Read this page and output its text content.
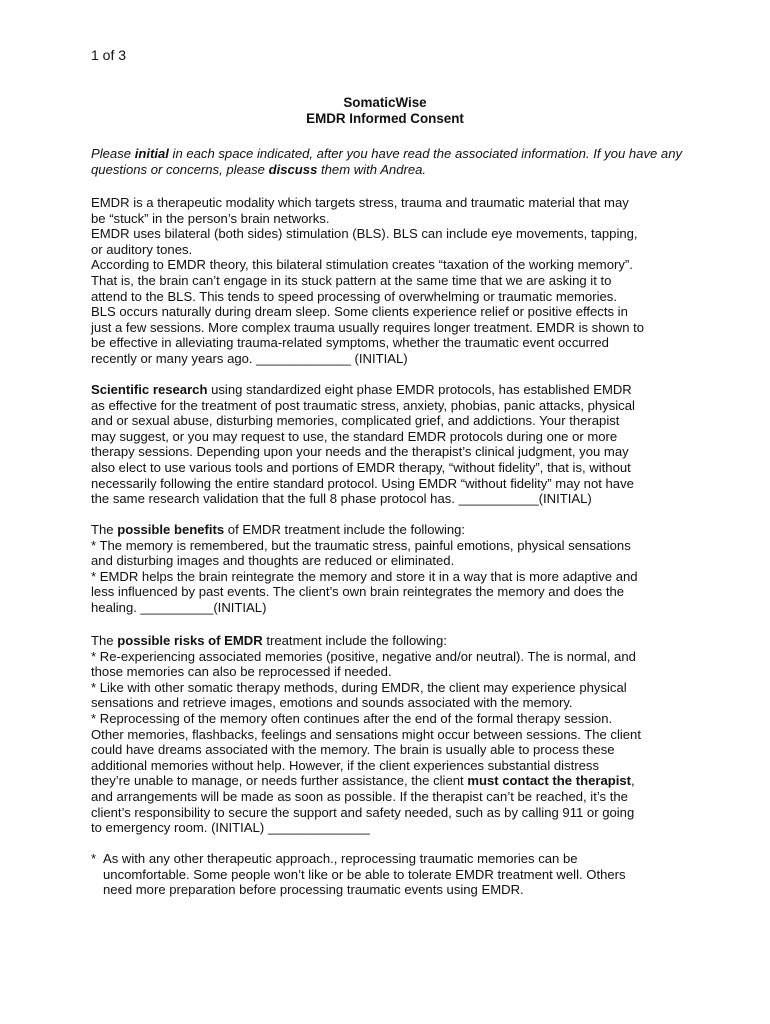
1 of 3
SomaticWise
EMDR Informed Consent
Please initial in each space indicated, after you have read the associated information. If you have any questions or concerns, please discuss them with Andrea.

EMDR is a therapeutic modality which targets stress, trauma and traumatic material that may

be “stuck” in the person’s brain networks.

EMDR uses bilateral (both sides) stimulation (BLS). BLS can include eye movements, tapping,

or auditory tones.

According to EMDR theory, this bilateral stimulation creates “taxation of the working memory”.

That is, the brain can’t engage in its stuck pattern at the same time that we are asking it to

attend to the BLS. This tends to speed processing of overwhelming or traumatic memories.

BLS occurs naturally during dream sleep. Some clients experience relief or positive effects in

just a few sessions. More complex trauma usually requires longer treatment. EMDR is shown to

be effective in alleviating trauma-related symptoms, whether the traumatic event occurred

recently or many years ago. _____________ (INITIAL)

Scientific research using standardized eight phase EMDR protocols, has established EMDR

as effective for the treatment of post traumatic stress, anxiety, phobias, panic attacks, physical

and or sexual abuse, disturbing memories, complicated grief, and addictions. Your therapist

may suggest, or you may request to use, the standard EMDR protocols during one or more

therapy sessions. Depending upon your needs and the therapist’s clinical judgment, you may

also elect to use various tools and portions of EMDR therapy, “without fidelity”, that is, without

necessarily following the entire standard protocol. Using EMDR “without fidelity” may not have

the same research validation that the full 8 phase protocol has. ___________(INITIAL)

The possible benefits of EMDR treatment include the following:

* The memory is remembered, but the traumatic stress, painful emotions, physical sensations

and disturbing images and thoughts are reduced or eliminated.

* EMDR helps the brain reintegrate the memory and store it in a way that is more adaptive and

less influenced by past events. The client’s own brain reintegrates the memory and does the

healing. __________(INITIAL)

The possible risks of EMDR treatment include the following:

* Re-experiencing associated memories (positive, negative and/or neutral). The is normal, and

those memories can also be reprocessed if needed.

* Like with other somatic therapy methods, during EMDR, the client may experience physical

sensations and retrieve images, emotions and sounds associated with the memory.

* Reprocessing of the memory often continues after the end of the formal therapy session.

Other memories, flashbacks, feelings and sensations might occur between sessions. The client

could have dreams associated with the memory. The brain is usually able to process these

additional memories without help. However, if the client experiences substantial distress

they’re unable to manage, or needs further assistance, the client must contact the therapist,

and arrangements will be made as soon as possible. If the therapist can’t be reached, it’s the

client’s responsibility to secure the support and safety needed, such as by calling 911 or going

to emergency room. (INITIAL) ______________

* As with any other therapeutic approach., reprocessing traumatic memories can be

uncomfortable. Some people won’t like or be able to tolerate EMDR treatment well. Others

need more preparation before processing traumatic events using EMDR.
